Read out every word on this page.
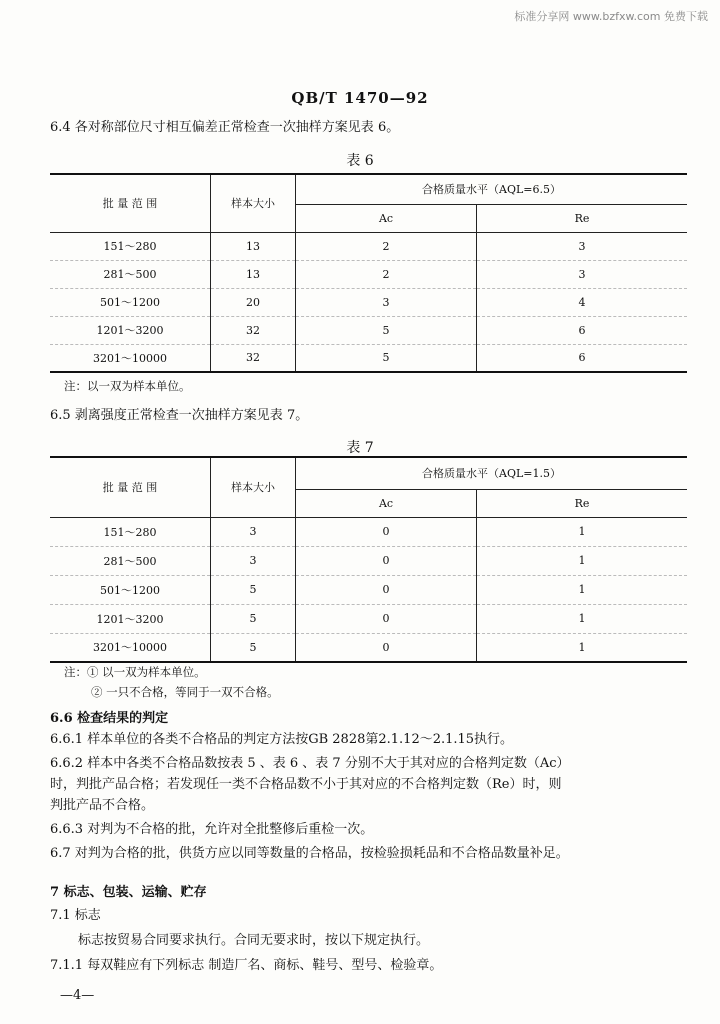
标准分享网 www.bzfxw.com 免费下载
QB/T 1470—92
6.4 各对称部位尺寸相互偏差正常检查一次抽样方案见表 6。
表 6
批 量 范 围	样本大小	合格质量水平（AQL=6.5）	
		Ac	Re
151～280	13	2	3
281～500	13	2	3
501～1200	20	3	4
1201～3200	32	5	6
3201～10000	32	5	6
注：以一双为样本单位。
6.5 剥离强度正常检查一次抽样方案见表 7。
表 7
批 量 范 围	样本大小	合格质量水平（AQL=1.5）	
		Ac	Re
151～280	3	0	1
281～500	3	0	1
501～1200	5	0	1
1201～3200	5	0	1
3201～10000	5	0	1
注：① 以一双为样本单位。
② 一只不合格，等同于一双不合格。
6.6 检查结果的判定
6.6.1 样本单位的各类不合格品的判定方法按GB 2828第2.1.12～2.1.15执行。
6.6.2 样本中各类不合格品数按表 5 、表 6 、表 7 分别不大于其对应的合格判定数（Ac）
时，判批产品合格；若发现任一类不合格品数不小于其对应的不合格判定数（Re）时，则
判批产品不合格。
6.6.3 对判为不合格的批，允许对全批整修后重检一次。
6.7 对判为合格的批，供货方应以同等数量的合格品，按检验损耗品和不合格品数量补足。
7 标志、包装、运输、贮存
7.1 标志
标志按贸易合同要求执行。合同无要求时，按以下规定执行。
7.1.1 每双鞋应有下列标志 制造厂名、商标、鞋号、型号、检验章。
—4—
